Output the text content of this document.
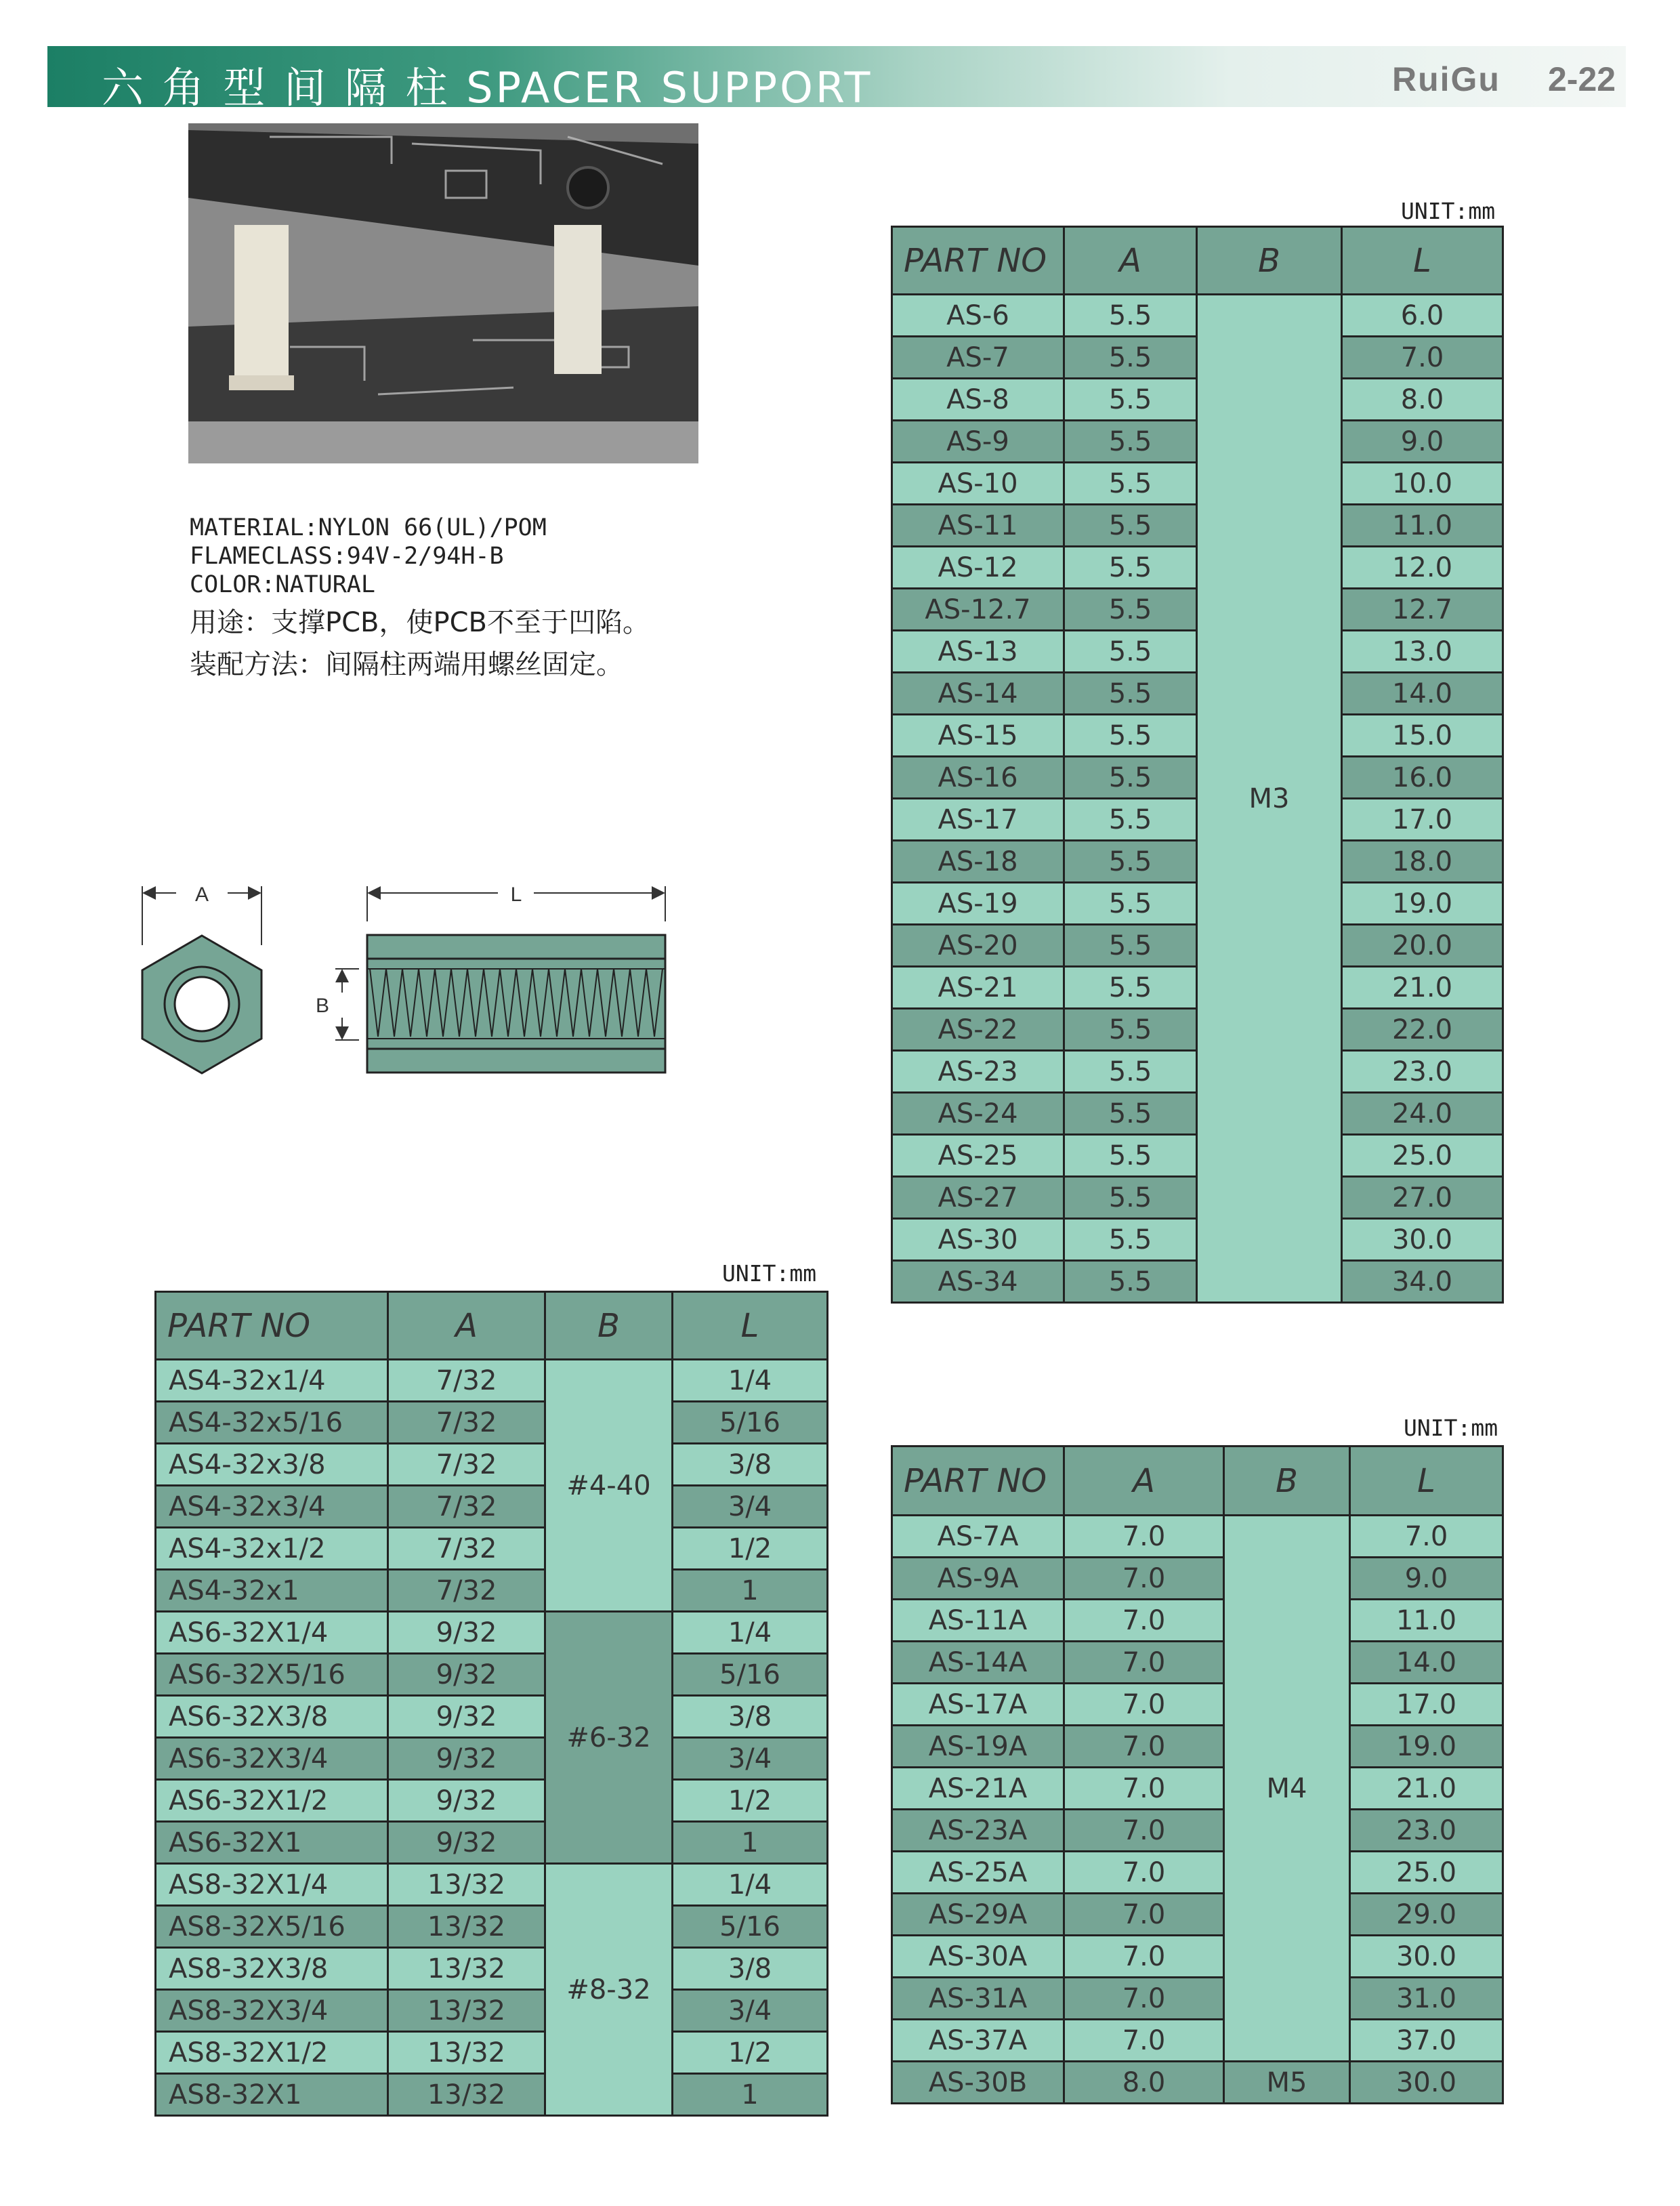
六 角 型 间 隔 柱 SPACER SUPPORT	RuiGu 2-22
MATERIAL:NYLON 66(UL)/POM
FLAMECLASS:94V-2/94H-B
COLOR:NATURAL
用途：支撑PCB，使PCB不至于凹陷。
装配方法：间隔柱两端用螺丝固定。
A	L
B
UNIT:mm
UNIT:mm
UNIT:mm
PART NO	A	B	L
AS-6	5.5	M3	6.0
AS-7	5.5		7.0
AS-8	5.5		8.0
AS-9	5.5		9.0
AS-10	5.5		10.0
AS-11	5.5		11.0
AS-12	5.5		12.0
AS-12.7	5.5		12.7
AS-13	5.5		13.0
AS-14	5.5		14.0
AS-15	5.5		15.0
AS-16	5.5		16.0
AS-17	5.5		17.0
AS-18	5.5		18.0
AS-19	5.5		19.0
AS-20	5.5		20.0
AS-21	5.5		21.0
AS-22	5.5		22.0
AS-23	5.5		23.0
AS-24	5.5		24.0
AS-25	5.5		25.0
AS-27	5.5		27.0
AS-30	5.5		30.0
AS-34	5.5		34.0
PART NO	A	B	L
AS4-32x1/4	7/32	#4-40	1/4
AS4-32x5/16	7/32		5/16
AS4-32x3/8	7/32		3/8
AS4-32x3/4	7/32		3/4
AS4-32x1/2	7/32		1/2
AS4-32x1	7/32		1
AS6-32X1/4	9/32	#6-32	1/4
AS6-32X5/16	9/32		5/16
AS6-32X3/8	9/32		3/8
AS6-32X3/4	9/32		3/4
AS6-32X1/2	9/32		1/2
AS6-32X1	9/32		1
AS8-32X1/4	13/32	#8-32	1/4
AS8-32X5/16	13/32		5/16
AS8-32X3/8	13/32		3/8
AS8-32X3/4	13/32		3/4
AS8-32X1/2	13/32		1/2
AS8-32X1	13/32		1
PART NO	A	B	L
AS-7A	7.0	M4	7.0
AS-9A	7.0		9.0
AS-11A	7.0		11.0
AS-14A	7.0		14.0
AS-17A	7.0		17.0
AS-19A	7.0		19.0
AS-21A	7.0		21.0
AS-23A	7.0		23.0
AS-25A	7.0		25.0
AS-29A	7.0		29.0
AS-30A	7.0		30.0
AS-31A	7.0		31.0
AS-37A	7.0		37.0
AS-30B	8.0	M5	30.0
